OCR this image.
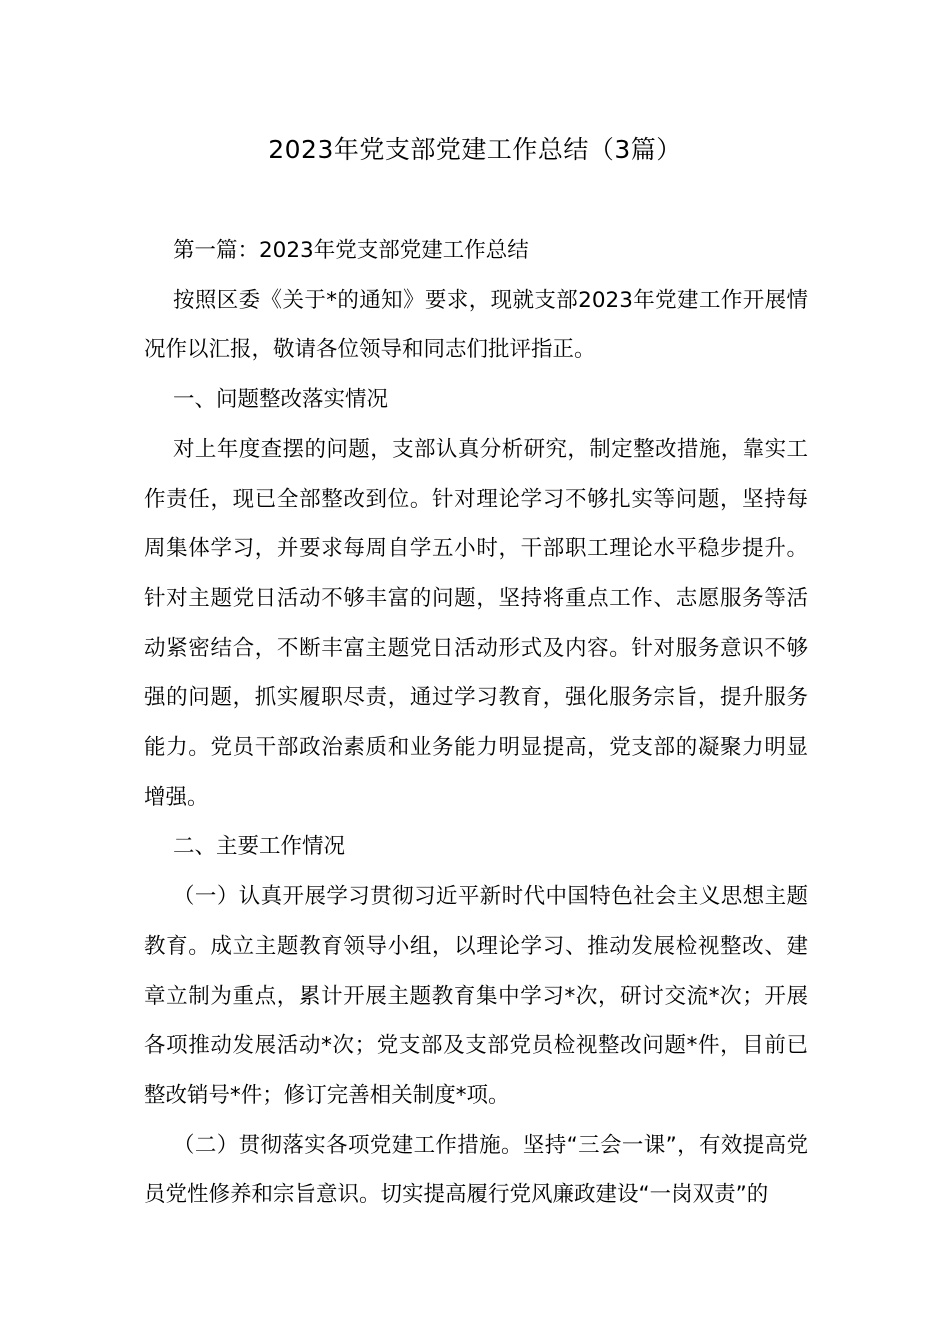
2023年党支部党建工作总结（3篇）

第一篇：2023年党支部党建工作总结

按照区委《关于*的通知》要求，现就支部2023年党建工作开展情况作以汇报，敬请各位领导和同志们批评指正。

一、问题整改落实情况

对上年度查摆的问题，支部认真分析研究，制定整改措施，靠实工作责任，现已全部整改到位。针对理论学习不够扎实等问题，坚持每周集体学习，并要求每周自学五小时，干部职工理论水平稳步提升。针对主题党日活动不够丰富的问题，坚持将重点工作、志愿服务等活动紧密结合，不断丰富主题党日活动形式及内容。针对服务意识不够强的问题，抓实履职尽责，通过学习教育，强化服务宗旨，提升服务能力。党员干部政治素质和业务能力明显提高，党支部的凝聚力明显增强。

二、主要工作情况

（一）认真开展学习贯彻习近平新时代中国特色社会主义思想主题教育。成立主题教育领导小组，以理论学习、推动发展检视整改、建章立制为重点，累计开展主题教育集中学习*次，研讨交流*次；开展各项推动发展活动*次；党支部及支部党员检视整改问题*件，目前已整改销号*件；修订完善相关制度*项。

（二）贯彻落实各项党建工作措施。坚持“三会一课”，有效提高党员党性修养和宗旨意识。切实提高履行党风廉政建设“一岗双责”的
